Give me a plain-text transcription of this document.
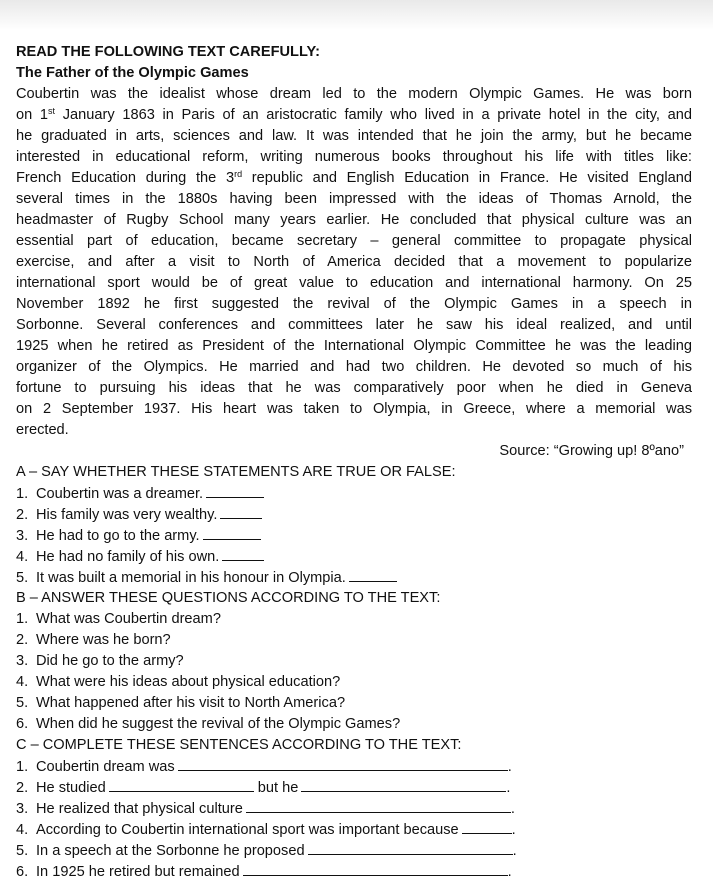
READ THE FOLLOWING TEXT CAREFULLY:
The Father of the Olympic Games
Coubertin was the idealist whose dream led to the modern Olympic Games. He was born
on 1st January 1863 in Paris of an aristocratic family who lived in a private hotel in the city, and
he graduated in arts, sciences and law. It was intended that he join the army, but he became
interested in educational reform, writing numerous books throughout his life with titles like:
French Education during the 3rd republic and English Education in France. He visited England
several times in the 1880s having been impressed with the ideas of Thomas Arnold, the
headmaster of Rugby School many years earlier. He concluded that physical culture was an
essential part of education, became secretary – general committee to propagate physical
exercise, and after a visit to North of America decided that a movement to popularize
international sport would be of great value to education and international harmony. On 25
November 1892 he first suggested the revival of the Olympic Games in a speech in
Sorbonne. Several conferences and committees later he saw his ideal realized, and until
1925 when he retired as President of the International Olympic Committee he was the leading
organizer of the Olympics. He married and had two children. He devoted so much of his
fortune to pursuing his ideas that he was comparatively poor when he died in Geneva
on 2 September 1937. His heart was taken to Olympia, in Greece, where a memorial was
erected.
Source: “Growing up! 8ºano”
A – SAY WHETHER THESE STATEMENTS ARE TRUE OR FALSE:
1. Coubertin was a dreamer.
2. His family was very wealthy.
3. He had to go to the army.
4. He had no family of his own.
5. It was built a memorial in his honour in Olympia.
B – ANSWER THESE QUESTIONS ACCORDING TO THE TEXT:
1. What was Coubertin dream?
2. Where was he born?
3. Did he go to the army?
4. What were his ideas about physical education?
5. What happened after his visit to North America?
6. When did he suggest the revival of the Olympic Games?
C – COMPLETE THESE SENTENCES ACCORDING TO THE TEXT:
1. Coubertin dream was	.
2. He studied	but he	.
3. He realized that physical culture	.
4. According to Coubertin international sport was important because	.
5. In a speech at the Sorbonne he proposed	.
6. In 1925 he retired but remained	.
